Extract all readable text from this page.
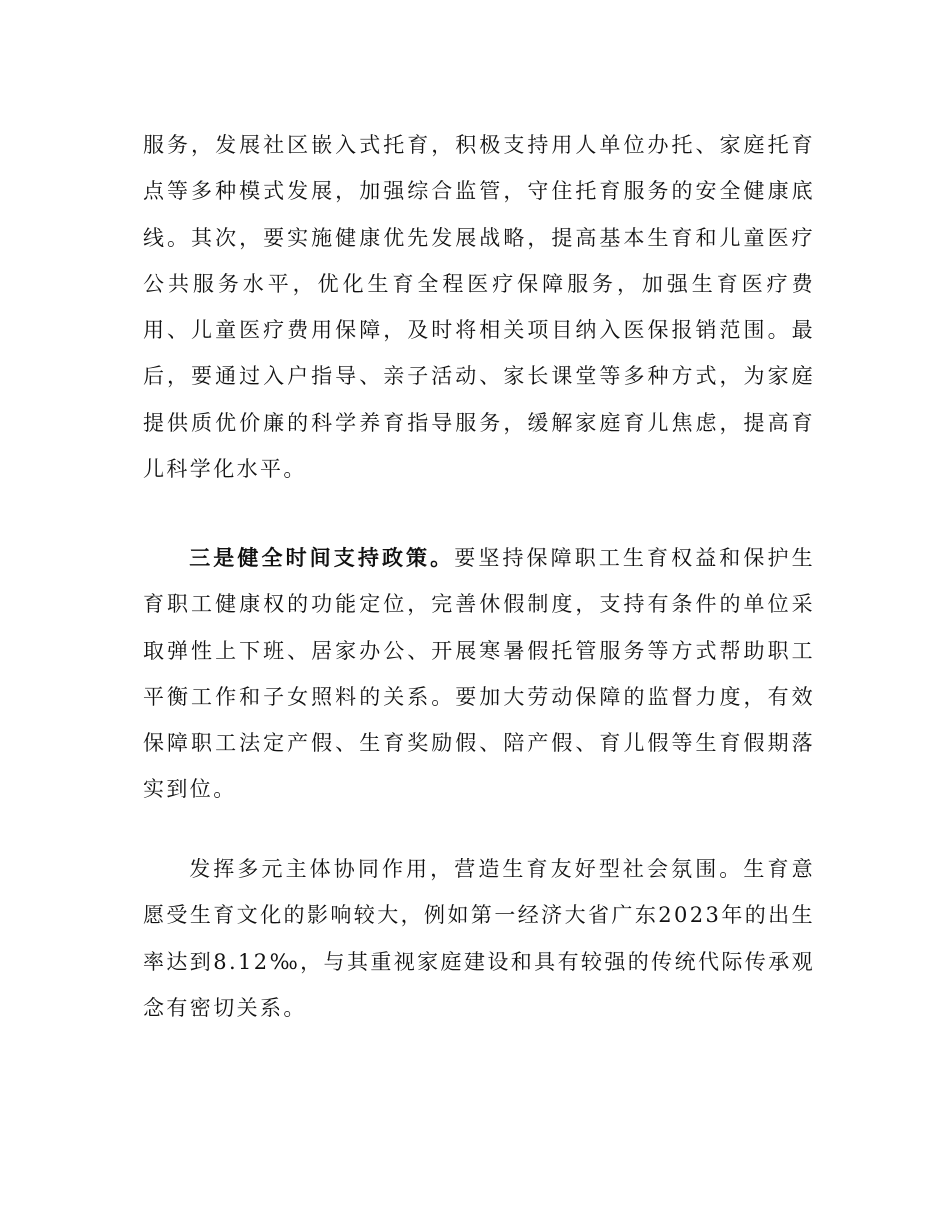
服务，发展社区嵌入式托育，积极支持用人单位办托、家庭托育点等多种模式发展，加强综合监管，守住托育服务的安全健康底线。其次，要实施健康优先发展战略，提高基本生育和儿童医疗公共服务水平，优化生育全程医疗保障服务，加强生育医疗费用、儿童医疗费用保障，及时将相关项目纳入医保报销范围。最后，要通过入户指导、亲子活动、家长课堂等多种方式，为家庭提供质优价廉的科学养育指导服务，缓解家庭育儿焦虑，提高育儿科学化水平。

三是健全时间支持政策。要坚持保障职工生育权益和保护生育职工健康权的功能定位，完善休假制度，支持有条件的单位采取弹性上下班、居家办公、开展寒暑假托管服务等方式帮助职工平衡工作和子女照料的关系。要加大劳动保障的监督力度，有效保障职工法定产假、生育奖励假、陪产假、育儿假等生育假期落实到位。

发挥多元主体协同作用，营造生育友好型社会氛围。生育意愿受生育文化的影响较大，例如第一经济大省广东2023年的出生率达到8.12‰，与其重视家庭建设和具有较强的传统代际传承观念有密切关系。
